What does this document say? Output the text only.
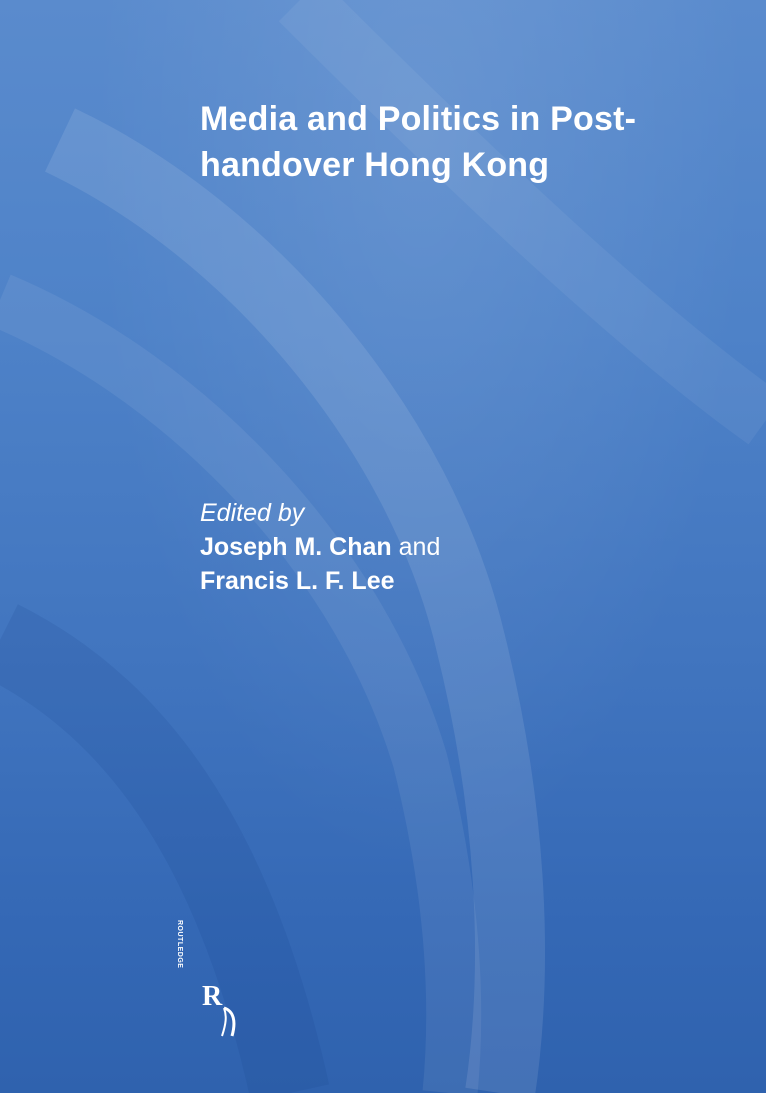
Media and Politics in Post-handover Hong Kong
Edited by
Joseph M. Chan and
Francis L. F. Lee
R
ROUTLEDGE
